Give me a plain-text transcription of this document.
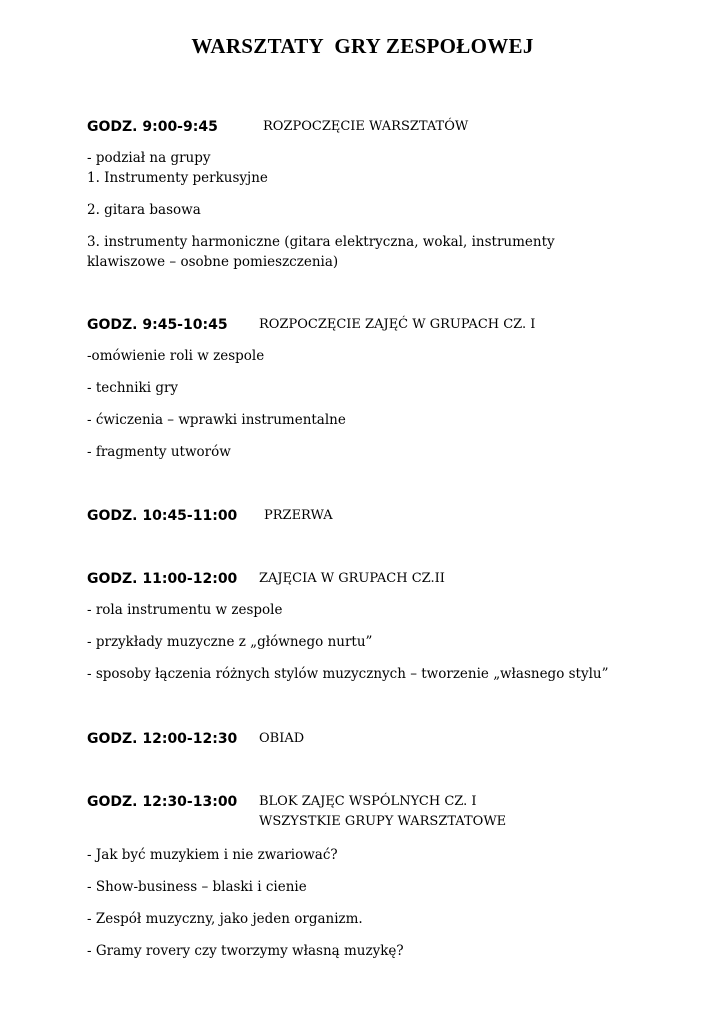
WARSZTATY  GRY ZESPOŁOWEJ
GODZ. 9:00-9:45	ROZPOCZĘCIE WARSZTATÓW
- podział na grupy
1. Instrumenty perkusyjne
2. gitara basowa
3. instrumenty harmoniczne (gitara elektryczna, wokal, instrumenty klawiszowe – osobne pomieszczenia)
GODZ. 9:45-10:45 ROZPOCZĘCIE ZAJĘĆ W GRUPACH CZ. I
-omówienie roli w zespole
- techniki gry
- ćwiczenia – wprawki instrumentalne
- fragmenty utworów
GODZ. 10:45-11:00 PRZERWA
GODZ. 11:00-12:00 ZAJĘCIA W GRUPACH CZ.II
- rola instrumentu w zespole
- przykłady muzyczne z „głównego nurtu”
- sposoby łączenia różnych stylów muzycznych – tworzenie „własnego stylu”
GODZ. 12:00-12:30 OBIAD
GODZ. 12:30-13:00 BLOK ZAJĘC WSPÓLNYCH CZ. I
WSZYSTKIE GRUPY WARSZTATOWE
- Jak być muzykiem i nie zwariować?
- Show-business – blaski i cienie
- Zespół muzyczny, jako jeden organizm.
- Gramy rovery czy tworzymy własną muzykę?
